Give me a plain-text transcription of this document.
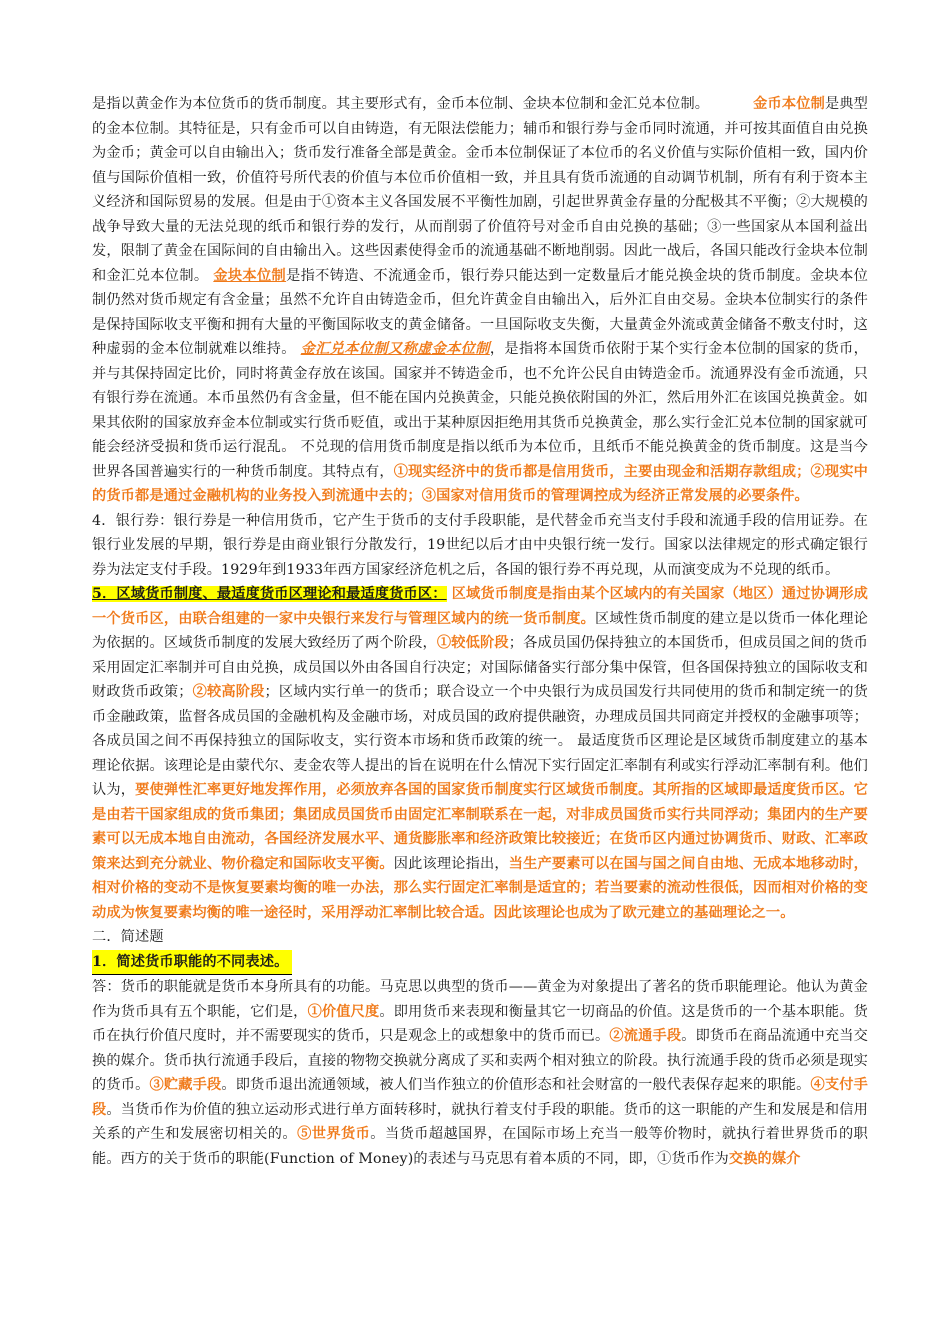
是指以黄金作为本位货币的货币制度。其主要形式有，金币本位制、金块本位制和金汇兑本位制。	金币本位制是典型的金本位制。其特征是，只有金币可以自由铸造，有无限法偿能力；辅币和银行券与金币同时流通，并可按其面值自由兑换为金币；黄金可以自由输出入；货币发行准备全部是黄金。金币本位制保证了本位币的名义价值与实际价值相一致，国内价值与国际价值相一致，价值符号所代表的价值与本位币价值相一致，并且具有货币流通的自动调节机制，所有有利于资本主义经济和国际贸易的发展。但是由于①资本主义各国发展不平衡性加剧，引起世界黄金存量的分配极其不平衡；②大规模的战争导致大量的无法兑现的纸币和银行券的发行，从而削弱了价值符号对金币自由兑换的基础；③一些国家从本国利益出发，限制了黄金在国际间的自由输出入。这些因素使得金币的流通基础不断地削弱。因此一战后，各国只能改行金块本位制和金汇兑本位制。 金块本位制是指不铸造、不流通金币，银行券只能达到一定数量后才能兑换金块的货币制度。金块本位制仍然对货币规定有含金量；虽然不允许自由铸造金币，但允许黄金自由输出入，后外汇自由交易。金块本位制实行的条件是保持国际收支平衡和拥有大量的平衡国际收支的黄金储备。一旦国际收支失衡，大量黄金外流或黄金储备不敷支付时，这种虚弱的金本位制就难以维持。 金汇兑本位制又称虚金本位制，是指将本国货币依附于某个实行金本位制的国家的货币，并与其保持固定比价，同时将黄金存放在该国。国家并不铸造金币，也不允许公民自由铸造金币。流通界没有金币流通，只有银行券在流通。本币虽然仍有含金量，但不能在国内兑换黄金，只能兑换依附国的外汇，然后用外汇在该国兑换黄金。如果其依附的国家放弃金本位制或实行货币贬值，或出于某种原因拒绝用其货币兑换黄金，那么实行金汇兑本位制的国家就可能会经济受损和货币运行混乱。 不兑现的信用货币制度是指以纸币为本位币，且纸币不能兑换黄金的货币制度。这是当今世界各国普遍实行的一种货币制度。其特点有，①现实经济中的货币都是信用货币，主要由现金和活期存款组成；②现实中的货币都是通过金融机构的业务投入到流通中去的；③国家对信用货币的管理调控成为经济正常发展的必要条件。

4．银行券：银行券是一种信用货币，它产生于货币的支付手段职能，是代替金币充当支付手段和流通手段的信用证券。在银行业发展的早期，银行券是由商业银行分散发行，19世纪以后才由中央银行统一发行。国家以法律规定的形式确定银行券为法定支付手段。1929年到1933年西方国家经济危机之后，各国的银行券不再兑现，从而演变成为不兑现的纸币。

5．区域货币制度、最适度货币区理论和最适度货币区： 区域货币制度是指由某个区域内的有关国家（地区）通过协调形成一个货币区，由联合组建的一家中央银行来发行与管理区域内的统一货币制度。区域性货币制度的建立是以货币一体化理论为依据的。区域货币制度的发展大致经历了两个阶段，①较低阶段；各成员国仍保持独立的本国货币，但成员国之间的货币采用固定汇率制并可自由兑换，成员国以外由各国自行决定；对国际储备实行部分集中保管，但各国保持独立的国际收支和财政货币政策；②较高阶段；区域内实行单一的货币；联合设立一个中央银行为成员国发行共同使用的货币和制定统一的货币金融政策，监督各成员国的金融机构及金融市场，对成员国的政府提供融资，办理成员国共同商定并授权的金融事项等；各成员国之间不再保持独立的国际收支，实行资本市场和货币政策的统一。 最适度货币区理论是区域货币制度建立的基本理论依据。该理论是由蒙代尔、麦金农等人提出的旨在说明在什么情况下实行固定汇率制有利或实行浮动汇率制有利。他们认为，要使弹性汇率更好地发挥作用，必须放弃各国的国家货币制度实行区域货币制度。其所指的区域即最适度货币区。它是由若干国家组成的货币集团；集团成员国货币由固定汇率制联系在一起，对非成员国货币实行共同浮动；集团内的生产要素可以无成本地自由流动，各国经济发展水平、通货膨胀率和经济政策比较接近；在货币区内通过协调货币、财政、汇率政策来达到充分就业、物价稳定和国际收支平衡。因此该理论指出，当生产要素可以在国与国之间自由地、无成本地移动时，相对价格的变动不是恢复要素均衡的唯一办法，那么实行固定汇率制是适宜的；若当要素的流动性很低，因而相对价格的变动成为恢复要素均衡的唯一途径时，采用浮动汇率制比较合适。因此该理论也成为了欧元建立的基础理论之一。

二．简述题

1．简述货币职能的不同表述。

答：货币的职能就是货币本身所具有的功能。马克思以典型的货币——黄金为对象提出了著名的货币职能理论。他认为黄金作为货币具有五个职能，它们是，①价值尺度。即用货币来表现和衡量其它一切商品的价值。这是货币的一个基本职能。货币在执行价值尺度时，并不需要现实的货币，只是观念上的或想象中的货币而已。②流通手段。即货币在商品流通中充当交换的媒介。货币执行流通手段后，直接的物物交换就分离成了买和卖两个相对独立的阶段。执行流通手段的货币必须是现实的货币。③贮藏手段。即货币退出流通领域，被人们当作独立的价值形态和社会财富的一般代表保存起来的职能。④支付手段。当货币作为价值的独立运动形式进行单方面转移时，就执行着支付手段的职能。货币的这一职能的产生和发展是和信用关系的产生和发展密切相关的。⑤世界货币。当货币超越国界，在国际市场上充当一般等价物时，就执行着世界货币的职能。西方的关于货币的职能(Function of Money)的表述与马克思有着本质的不同，即，①货币作为交换的媒介
